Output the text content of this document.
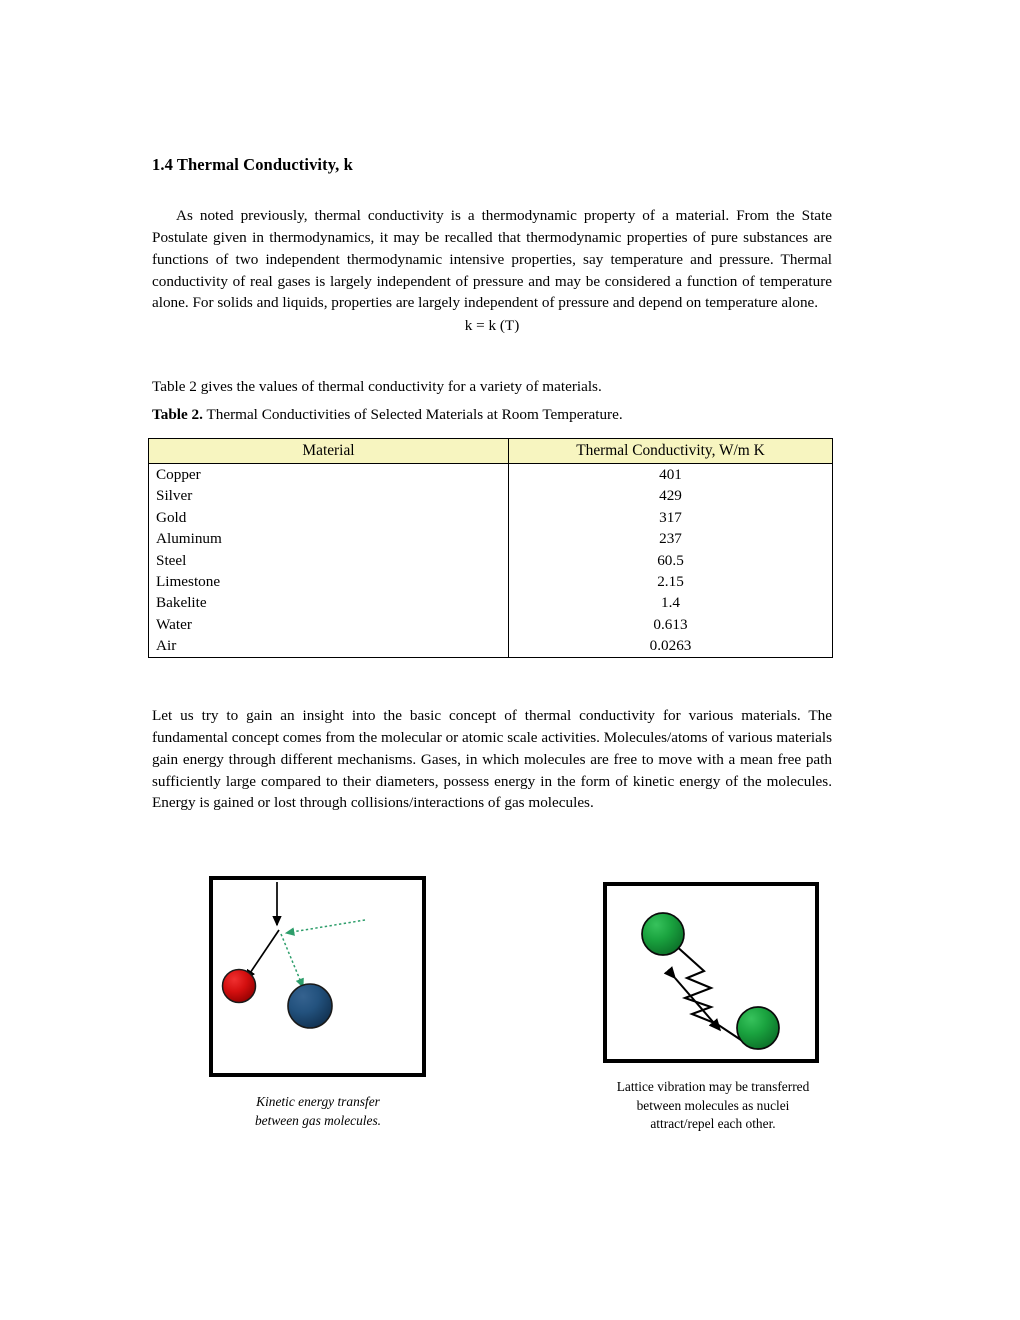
1.4 Thermal Conductivity, k

As noted previously, thermal conductivity is a thermodynamic property of a material. From the State Postulate given in thermodynamics, it may be recalled that thermodynamic properties of pure substances are functions of two independent thermodynamic intensive properties, say temperature and pressure. Thermal conductivity of real gases is largely independent of pressure and may be considered a function of temperature alone. For solids and liquids, properties are largely independent of pressure and depend on temperature alone.

k = k (T)

Table 2 gives the values of thermal conductivity for a variety of materials.

Table 2. Thermal Conductivities of Selected Materials at Room Temperature.

Let us try to gain an insight into the basic concept of thermal conductivity for various materials. The fundamental concept comes from the molecular or atomic scale activities. Molecules/atoms of various materials gain energy through different mechanisms. Gases, in which molecules are free to move with a mean free path sufficiently large compared to their diameters, possess energy in the form of kinetic energy of the molecules. Energy is gained or lost through collisions/interactions of gas molecules.

Material	Thermal Conductivity, W/m K
Copper	401
Silver	429
Gold	317
Aluminum	237
Steel	60.5
Limestone	2.15
Bakelite	1.4
Water	0.613
Air	0.0263
Kinetic energy transfer
between gas molecules.
Lattice vibration may be transferred
between molecules as nuclei
attract/repel each other.
